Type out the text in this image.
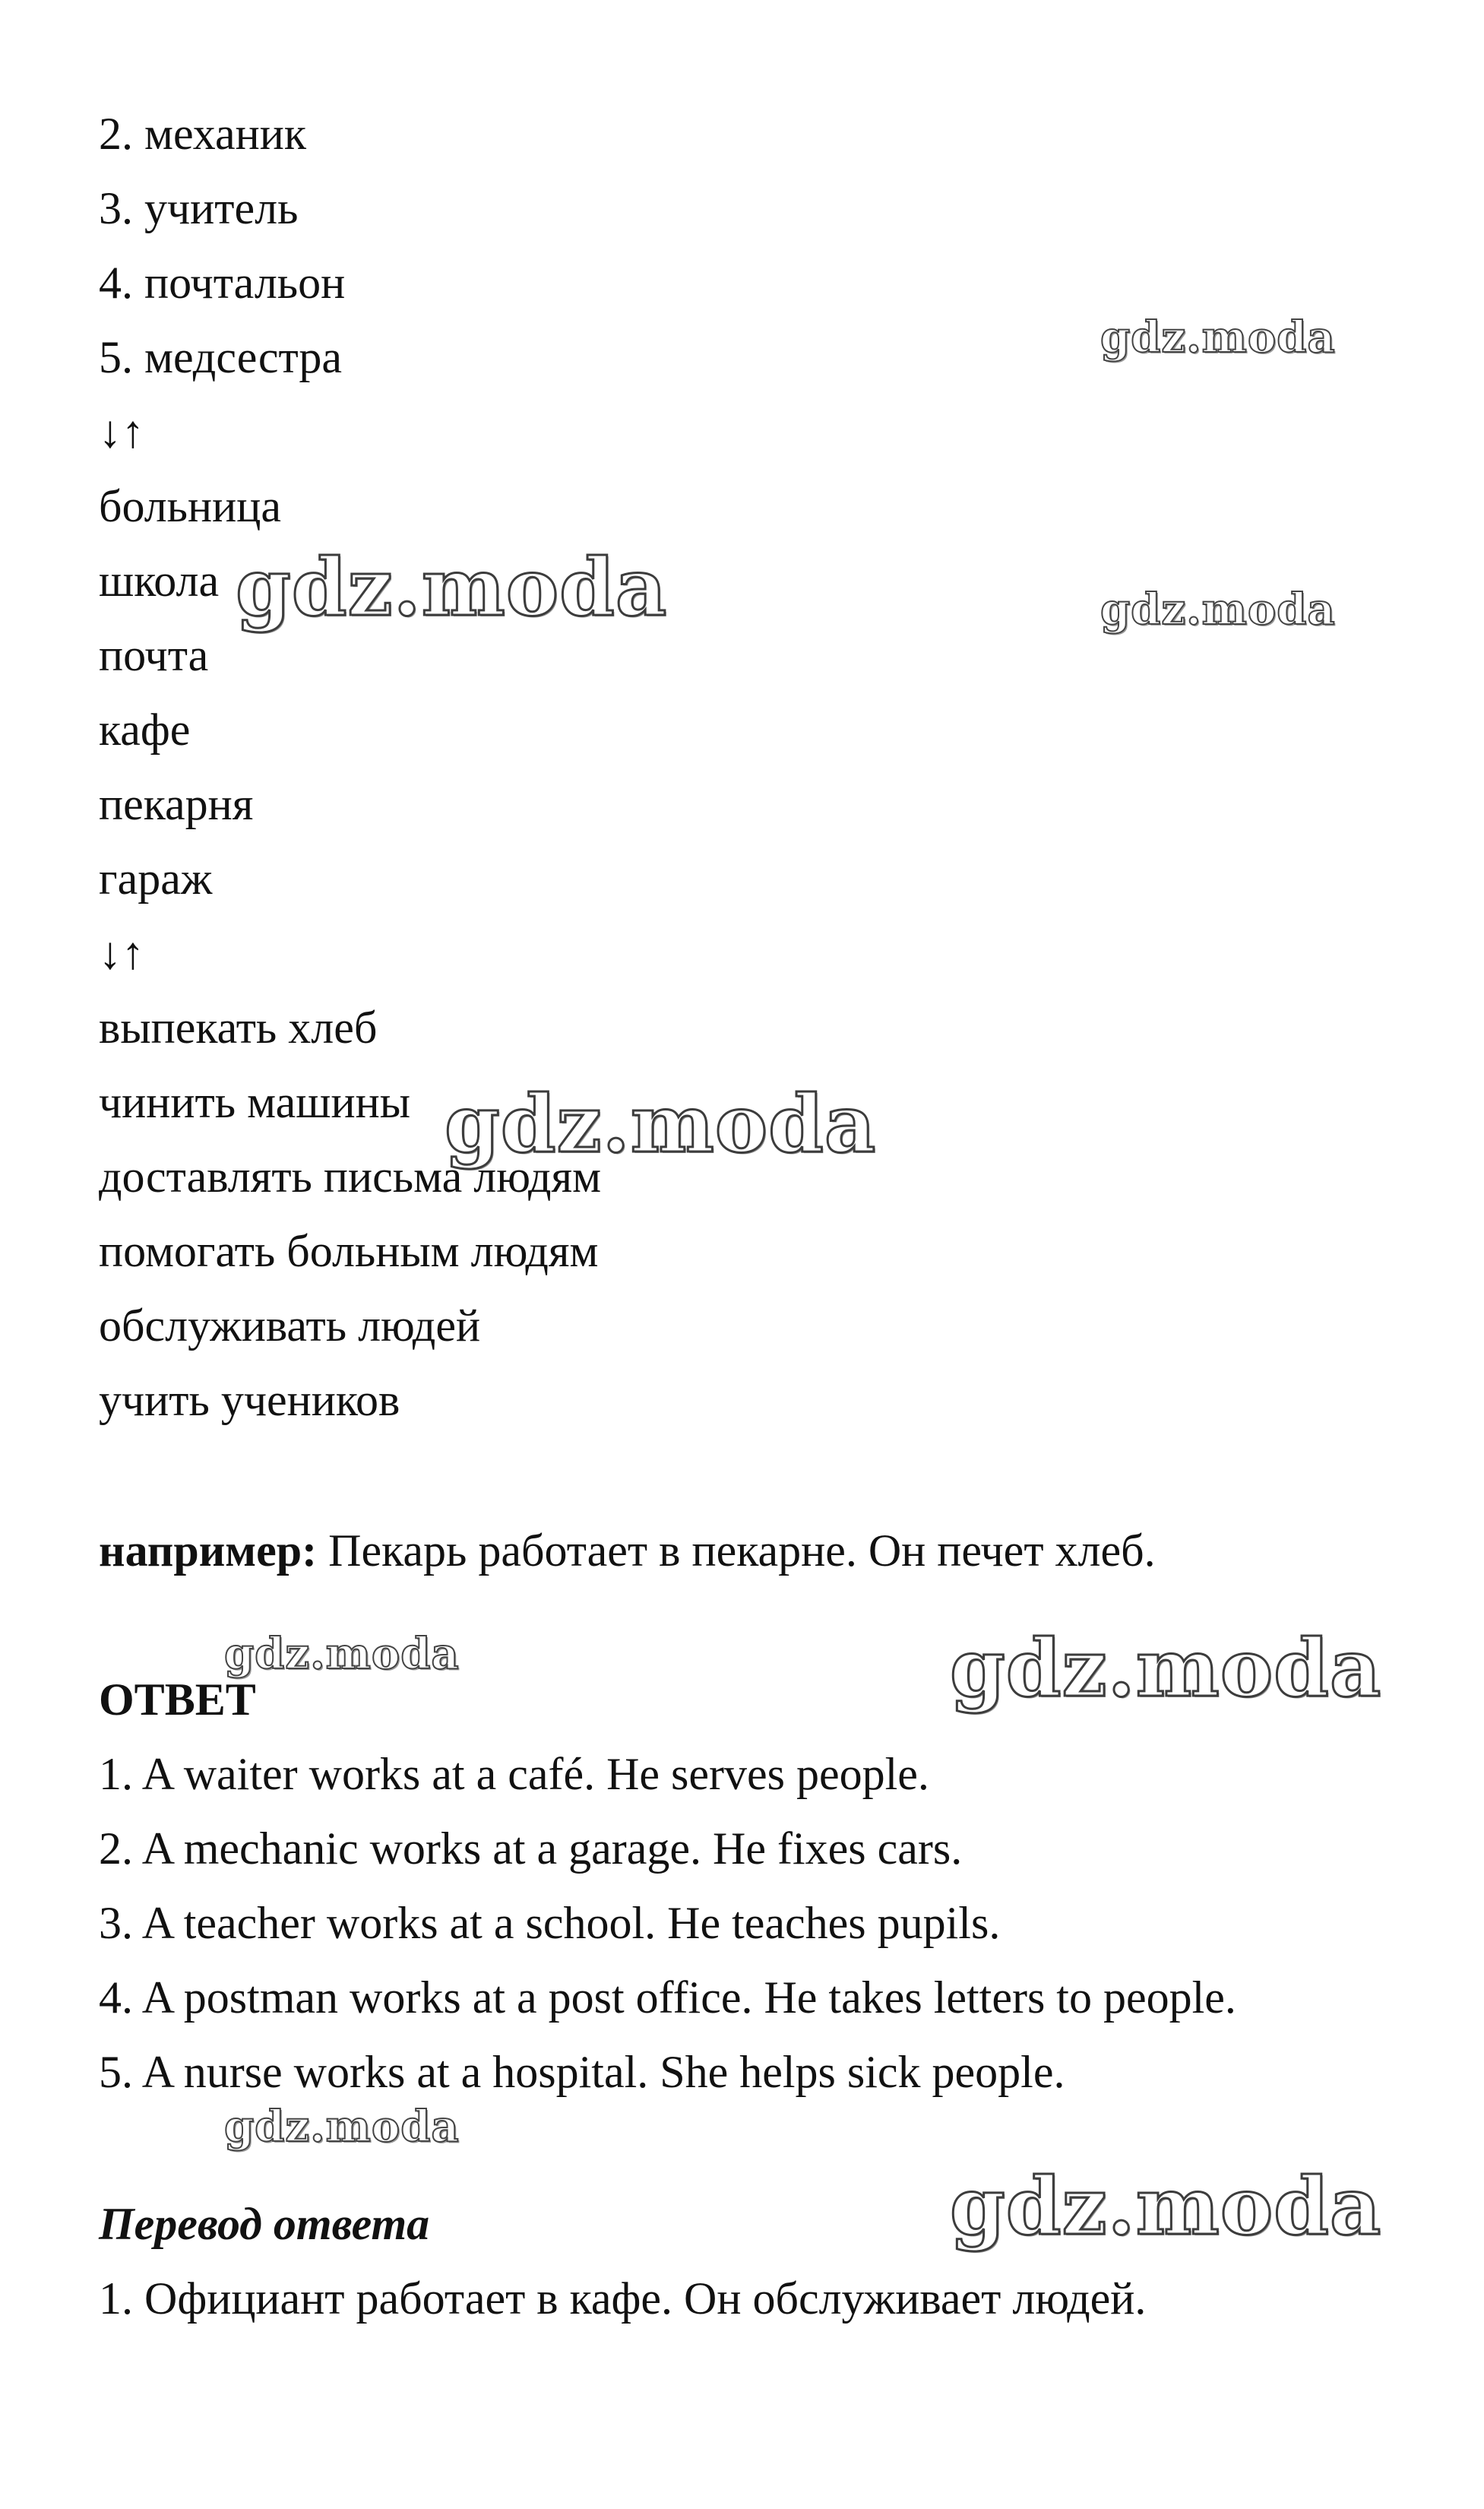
2. механик
3. учитель
4. почтальон
5. медсестра
↓↑
больница
школа
почта
кафе
пекарня
гараж
↓↑
выпекать хлеб
чинить машины
доставлять письма людям
помогать больным людям
обслуживать людей
учить учеников
например: Пекарь работает в пекарне. Он печет хлеб.
ОТВЕТ
1. A waiter works at a café. He serves people.
2. A mechanic works at a garage. He fixes cars.
3. A teacher works at a school. He teaches pupils.
4. A postman works at a post office. He takes letters to people.
5. A nurse works at a hospital. She helps sick people.
Перевод ответа
1. Официант работает в кафе. Он обслуживает людей.
gdz.moda
gdz.moda	gdz.moda
gdz.moda
gdz.moda	gdz.moda
gdz.moda
gdz.moda
